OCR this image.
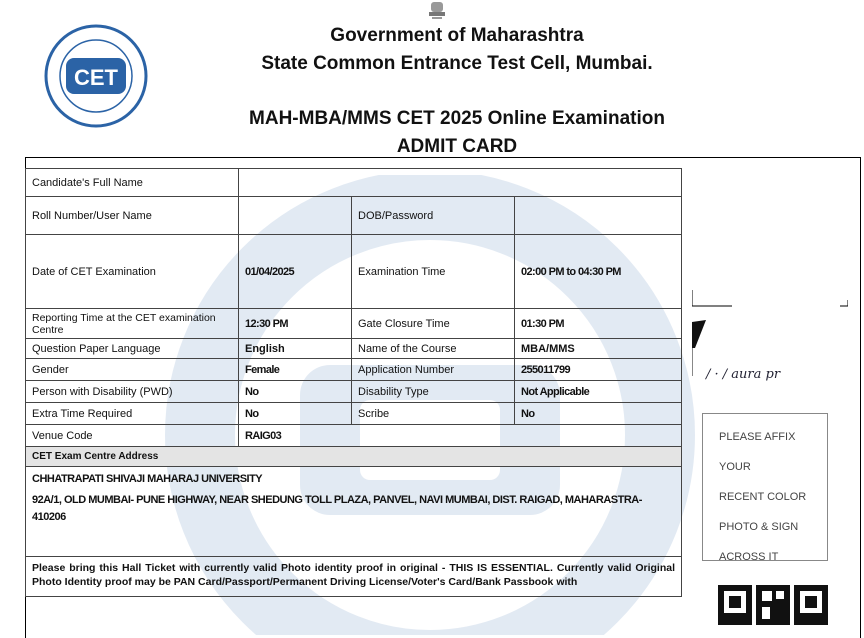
CET
Government of Maharashtra
State Common Entrance Test Cell, Mumbai.
MAH-MBA/MMS CET 2025 Online Examination
ADMIT CARD
Candidate's Full Name			
Roll Number/User Name		DOB/Password	
Date of CET Examination	01/04/2025	Examination Time	02:00 PM to 04:30 PM
Reporting Time at the CET examination Centre	12:30 PM	Gate Closure Time	01:30 PM
Question Paper Language	English	Name of the Course	MBA/MMS
Gender	Female	Application Number	255011799
Person with Disability (PWD)	No	Disability Type	Not Applicable
Extra Time Required	No	Scribe	No
Venue Code	RAIG03		
CET Exam Centre Address			

CHHATRAPATI SHIVAJI MAHARAJ UNIVERSITY
92A/1, OLD MUMBAI- PUNE HIGHWAY, NEAR SHEDUNG TOLL PLAZA, PANVEL, NAVI MUMBAI, DIST. RAIGAD, MAHARASTRA-410206			

Please bring this Hall Ticket with currently valid Photo identity proof in original - THIS IS ESSENTIAL. Currently valid Original Photo Identity proof may be PAN Card/Passport/Permanent Driving License/Voter's Card/Bank Passbook with			
/ · / aura pr
PLEASE AFFIX YOUR
RECENT COLOR
PHOTO & SIGN
ACROSS IT
